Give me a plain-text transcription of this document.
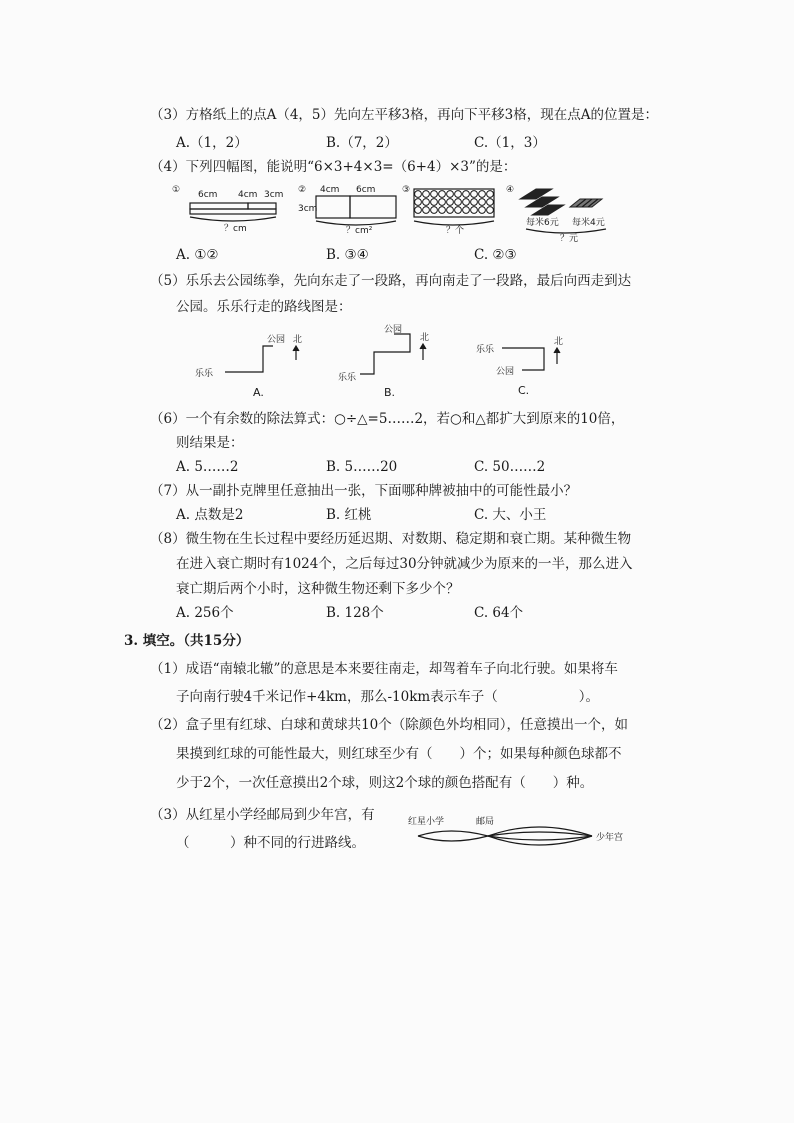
（3）方格纸上的点A（4，5）先向左平移3格，再向下平移3格，现在点A的位置是：
A.（1，2）	B.（7，2）	C.（1，3）
（4）下列四幅图，能说明“6×3+4×3=（6+4）×3”的是：
① 6cm 4cm 3cm
？cm
② 4cm 6cm
3cm
？cm²
③
？个
④
每米6元 每米4元
？元
A. ①②	B. ③④	C. ②③
（5）乐乐去公园练拳，先向东走了一段路，再向南走了一段路，最后向西走到达
公园。乐乐行走的路线图是：
公园 北
乐乐
A.
公园
北
乐乐
B.
乐乐
北
公园
C.
（6）一个有余数的除法算式：○÷△=5……2，若○和△都扩大到原来的10倍，
则结果是：
A. 5……2	B. 5……20	C. 50……2
（7）从一副扑克牌里任意抽出一张，下面哪种牌被抽中的可能性最小？
A. 点数是2	B. 红桃	C. 大、小王
（8）微生物在生长过程中要经历延迟期、对数期、稳定期和衰亡期。某种微生物
在进入衰亡期时有1024个，之后每过30分钟就减少为原来的一半，那么进入
衰亡期后两个小时，这种微生物还剩下多少个？
A. 256个	B. 128个	C. 64个
3. 填空。（共15分）
（1）成语“南辕北辙”的意思是本来要往南走，却驾着车子向北行驶。如果将车
子向南行驶4千米记作+4km，那么-10km表示车子（　　　　　　）。
（2）盒子里有红球、白球和黄球共10个（除颜色外均相同），任意摸出一个，如
果摸到红球的可能性最大，则红球至少有（　　）个；如果每种颜色球都不
少于2个，一次任意摸出2个球，则这2个球的颜色搭配有（　　）种。
（3）从红星小学经邮局到少年宫，有
（　　　）种不同的行进路线。
红星小学	邮局
少年宫
